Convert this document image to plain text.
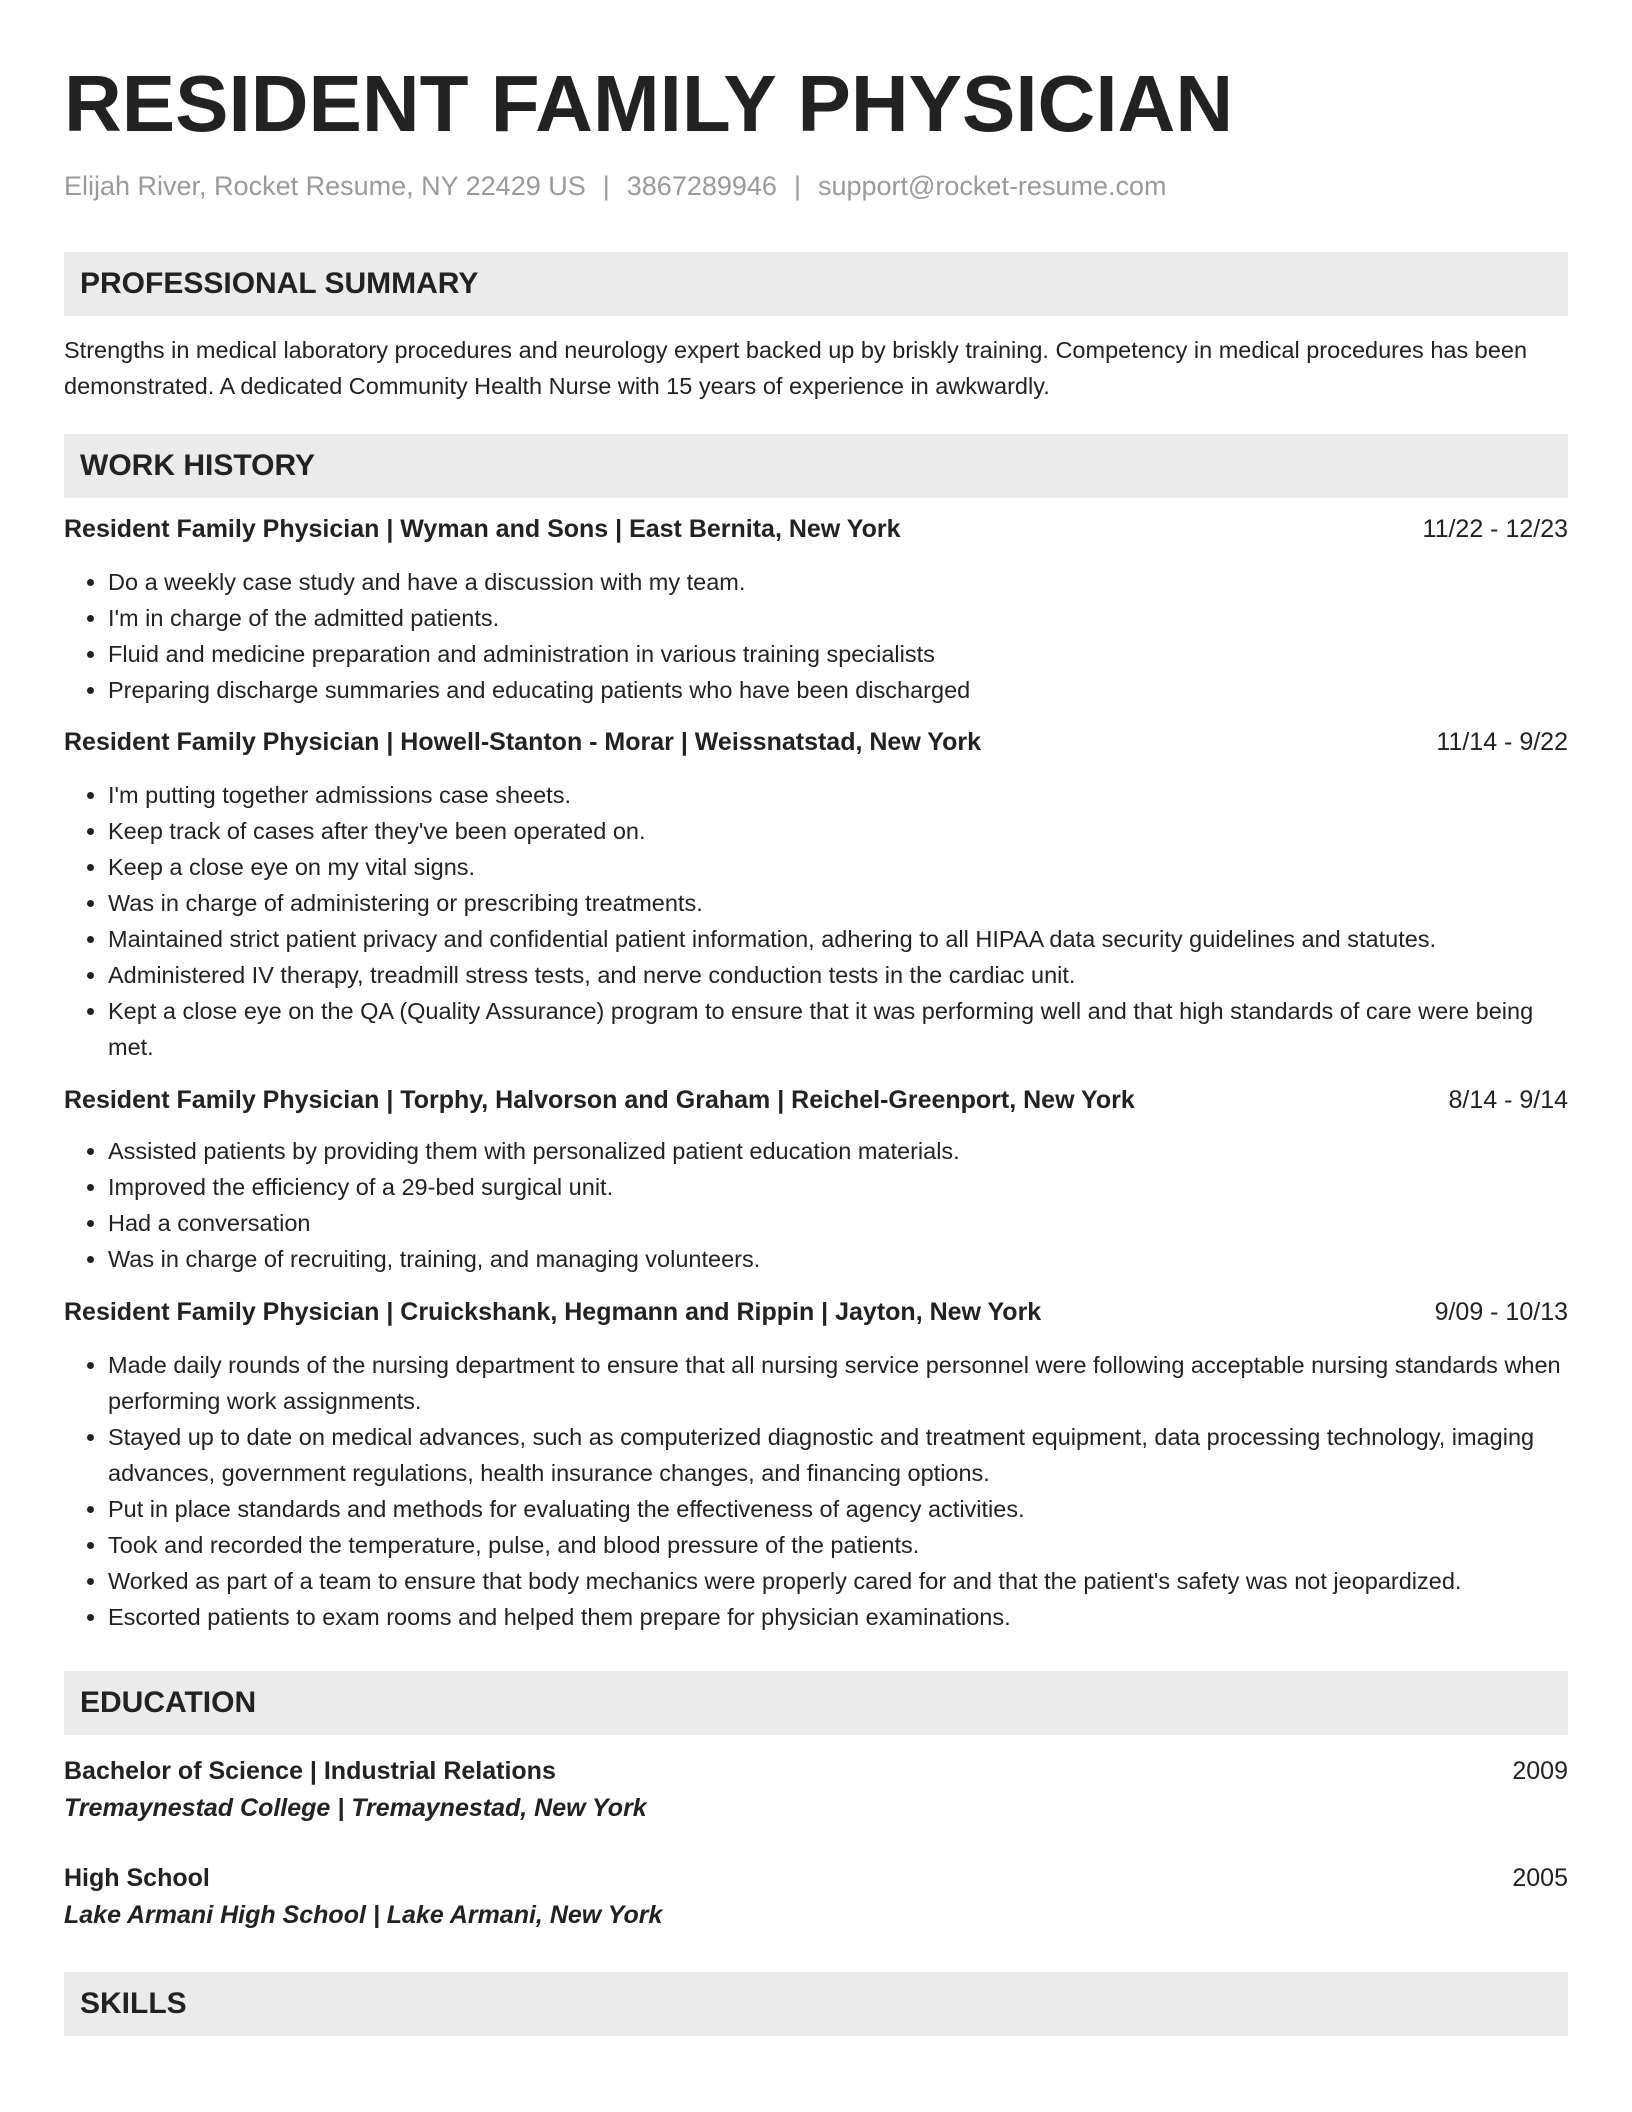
RESIDENT FAMILY PHYSICIAN
Elijah River, Rocket Resume, NY 22429 US | 3867289946 | support@rocket-resume.com
PROFESSIONAL SUMMARY
Strengths in medical laboratory procedures and neurology expert backed up by briskly training. Competency in medical procedures has been demonstrated. A dedicated Community Health Nurse with 15 years of experience in awkwardly.
WORK HISTORY
Resident Family Physician | Wyman and Sons | East Bernita, New York	11/22 - 12/23
• Do a weekly case study and have a discussion with my team.
• I'm in charge of the admitted patients.
• Fluid and medicine preparation and administration in various training specialists
• Preparing discharge summaries and educating patients who have been discharged
Resident Family Physician | Howell-Stanton - Morar | Weissnatstad, New York	11/14 - 9/22
• I'm putting together admissions case sheets.
• Keep track of cases after they've been operated on.
• Keep a close eye on my vital signs.
• Was in charge of administering or prescribing treatments.
• Maintained strict patient privacy and confidential patient information, adhering to all HIPAA data security guidelines and statutes.
• Administered IV therapy, treadmill stress tests, and nerve conduction tests in the cardiac unit.
• Kept a close eye on the QA (Quality Assurance) program to ensure that it was performing well and that high standards of care were being met.
Resident Family Physician | Torphy, Halvorson and Graham | Reichel-Greenport, New York	8/14 - 9/14
• Assisted patients by providing them with personalized patient education materials.
• Improved the efficiency of a 29-bed surgical unit.
• Had a conversation
• Was in charge of recruiting, training, and managing volunteers.
Resident Family Physician | Cruickshank, Hegmann and Rippin | Jayton, New York	9/09 - 10/13
• Made daily rounds of the nursing department to ensure that all nursing service personnel were following acceptable nursing standards when performing work assignments.
• Stayed up to date on medical advances, such as computerized diagnostic and treatment equipment, data processing technology, imaging advances, government regulations, health insurance changes, and financing options.
• Put in place standards and methods for evaluating the effectiveness of agency activities.
• Took and recorded the temperature, pulse, and blood pressure of the patients.
• Worked as part of a team to ensure that body mechanics were properly cared for and that the patient's safety was not jeopardized.
• Escorted patients to exam rooms and helped them prepare for physician examinations.
EDUCATION
Bachelor of Science | Industrial Relations	2009
Tremaynestad College | Tremaynestad, New York
High School	2005
Lake Armani High School | Lake Armani, New York
SKILLS
